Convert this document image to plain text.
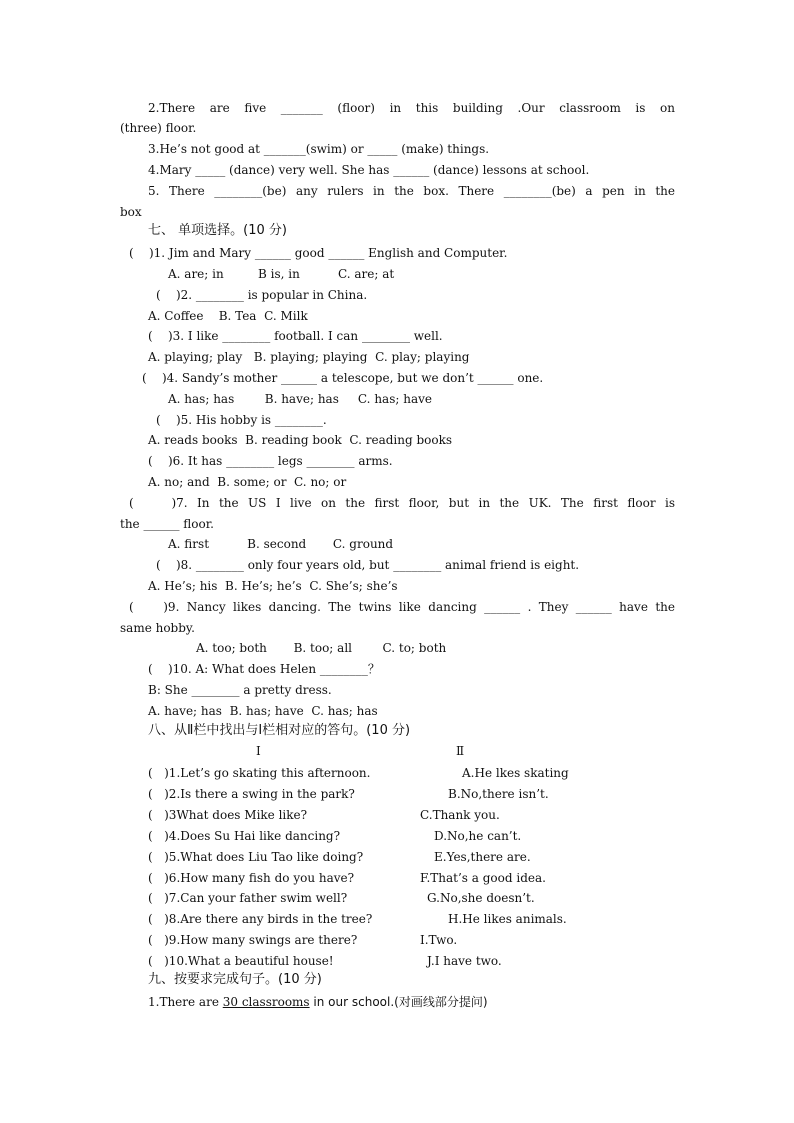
2.There are five _______ (floor) in this building .Our classroom is on
(three) floor.
3.He’s not good at _______(swim) or _____ (make) things.
4.Mary _____ (dance) very well. She has ______ (dance) lessons at school.
5. There ________(be) any rulers in the box. There ________(be) a pen in the
box
七、 单项选择。(10 分)
(    )1. Jim and Mary ______ good ______ English and Computer.
A. are; in         B is, in          C. are; at
(    )2. ________ is popular in China.
A. Coffee    B. Tea  C. Milk
(    )3. I like ________ football. I can ________ well.
A. playing; play   B. playing; playing  C. play; playing
(    )4. Sandy’s mother ______ a telescope, but we don’t ______ one.
A. has; has        B. have; has     C. has; have
(    )5. His hobby is ________.
A. reads books  B. reading book  C. reading books
(    )6. It has ________ legs ________ arms.
A. no; and  B. some; or  C. no; or
(    )7. In the US I live on the first floor, but in the UK. The first floor is
the ______ floor.
A. first          B. second       C. ground
(    )8. ________ only four years old, but ________ animal friend is eight.
A. He’s; his  B. He’s; he’s  C. She’s; she’s
(    )9. Nancy likes dancing. The twins like dancing ______ . They ______ have the
same hobby.
A. too; both       B. too; all        C. to; both
(    )10. A: What does Helen ________？
B: She ________ a pretty dress.
A. have; has  B. has; have  C. has; has
八、从Ⅱ栏中找出与Ⅰ栏相对应的答句。(10 分)
Ⅰ	Ⅱ
(   )1.Let’s go skating this afternoon.	A.He lkes skating
(   )2.Is there a swing in the park?	B.No,there isn’t.
(   )3What does Mike like?	C.Thank you.
(   )4.Does Su Hai like dancing?	D.No,he can’t.
(   )5.What does Liu Tao like doing?	E.Yes,there are.
(   )6.How many fish do you have?	F.That’s a good idea.
(   )7.Can your father swim well?	G.No,she doesn’t.
(   )8.Are there any birds in the tree?	H.He likes animals.
(   )9.How many swings are there?	I.Two.
(   )10.What a beautiful house!	J.I have two.
九、按要求完成句子。(10 分)
1.There are 30 classrooms in our school.(对画线部分提问)
